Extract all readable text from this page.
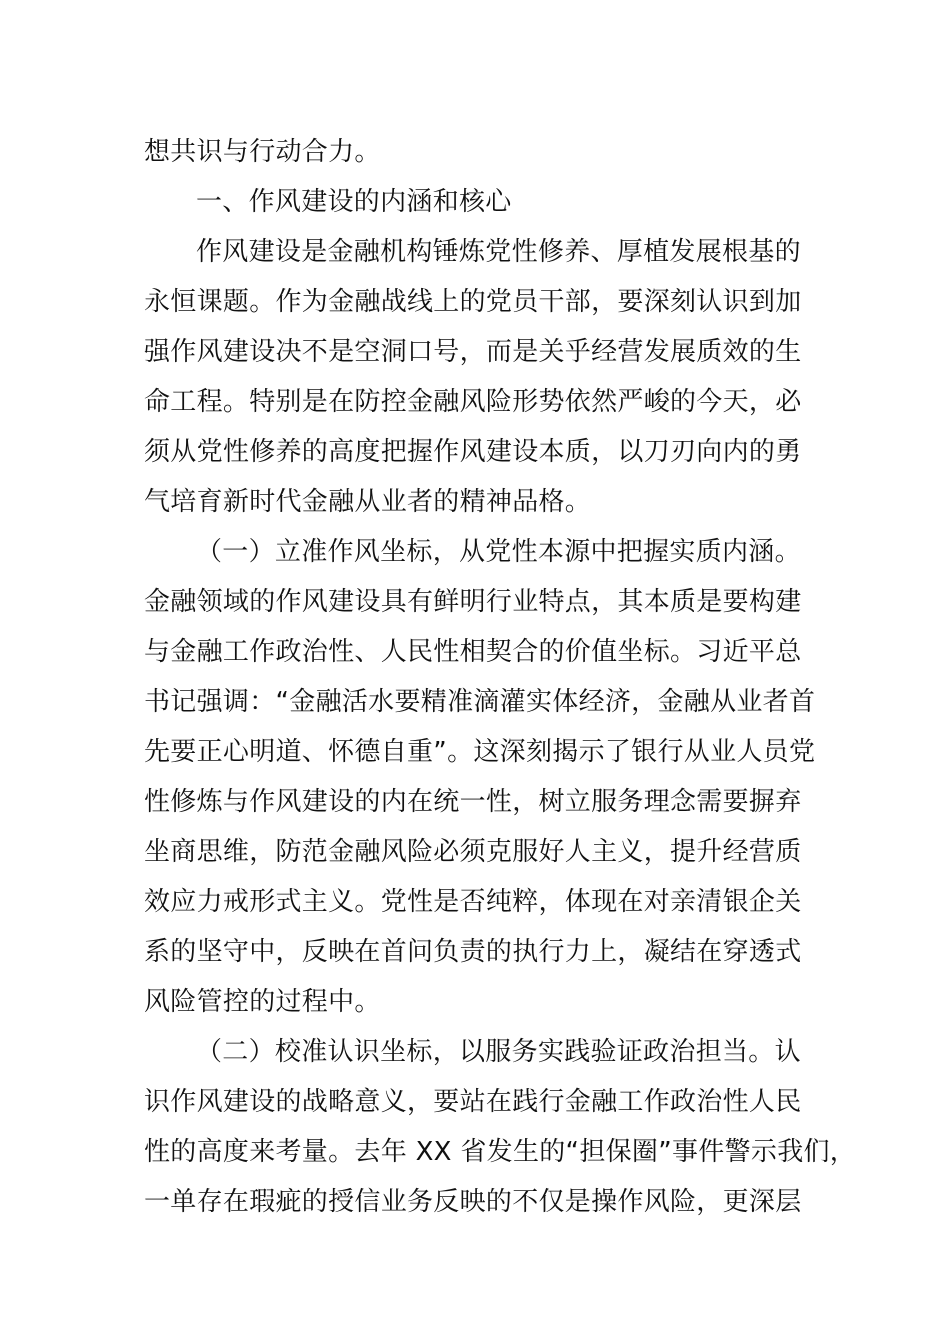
想共识与行动合力。
一、作风建设的内涵和核心
作风建设是金融机构锤炼党性修养、厚植发展根基的
永恒课题。作为金融战线上的党员干部，要深刻认识到加
强作风建设决不是空洞口号，而是关乎经营发展质效的生
命工程。特别是在防控金融风险形势依然严峻的今天，必
须从党性修养的高度把握作风建设本质，以刀刃向内的勇
气培育新时代金融从业者的精神品格。
（一）立准作风坐标，从党性本源中把握实质内涵。
金融领域的作风建设具有鲜明行业特点，其本质是要构建
与金融工作政治性、人民性相契合的价值坐标。习近平总
书记强调：“金融活水要精准滴灌实体经济，金融从业者首
先要正心明道、怀德自重”。这深刻揭示了银行从业人员党
性修炼与作风建设的内在统一性，树立服务理念需要摒弃
坐商思维，防范金融风险必须克服好人主义，提升经营质
效应力戒形式主义。党性是否纯粹，体现在对亲清银企关
系的坚守中，反映在首问负责的执行力上，凝结在穿透式
风险管控的过程中。
（二）校准认识坐标，以服务实践验证政治担当。认
识作风建设的战略意义，要站在践行金融工作政治性人民
性的高度来考量。去年 XX 省发生的“担保圈”事件警示我们，
一单存在瑕疵的授信业务反映的不仅是操作风险，更深层
